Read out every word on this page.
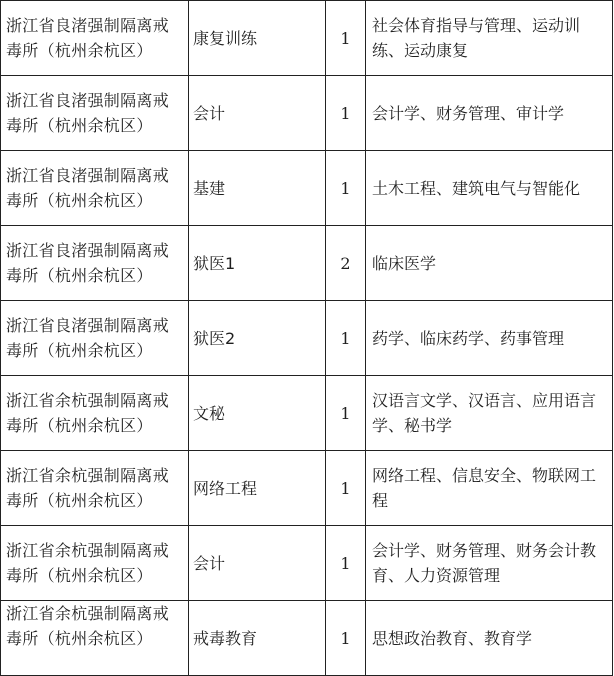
浙江省良渚强制隔离戒毒所（杭州余杭区）	康复训练	1	社会体育指导与管理、运动训练、运动康复
浙江省良渚强制隔离戒毒所（杭州余杭区）	会计	1	会计学、财务管理、审计学
浙江省良渚强制隔离戒毒所（杭州余杭区）	基建	1	土木工程、建筑电气与智能化
浙江省良渚强制隔离戒毒所（杭州余杭区）	狱医1	2	临床医学
浙江省良渚强制隔离戒毒所（杭州余杭区）	狱医2	1	药学、临床药学、药事管理
浙江省余杭强制隔离戒毒所（杭州余杭区）	文秘	1	汉语言文学、汉语言、应用语言学、秘书学
浙江省余杭强制隔离戒毒所（杭州余杭区）	网络工程	1	网络工程、信息安全、物联网工程
浙江省余杭强制隔离戒毒所（杭州余杭区）	会计	1	会计学、财务管理、财务会计教育、人力资源管理
浙江省余杭强制隔离戒毒所（杭州余杭区）	戒毒教育	1	思想政治教育、教育学
